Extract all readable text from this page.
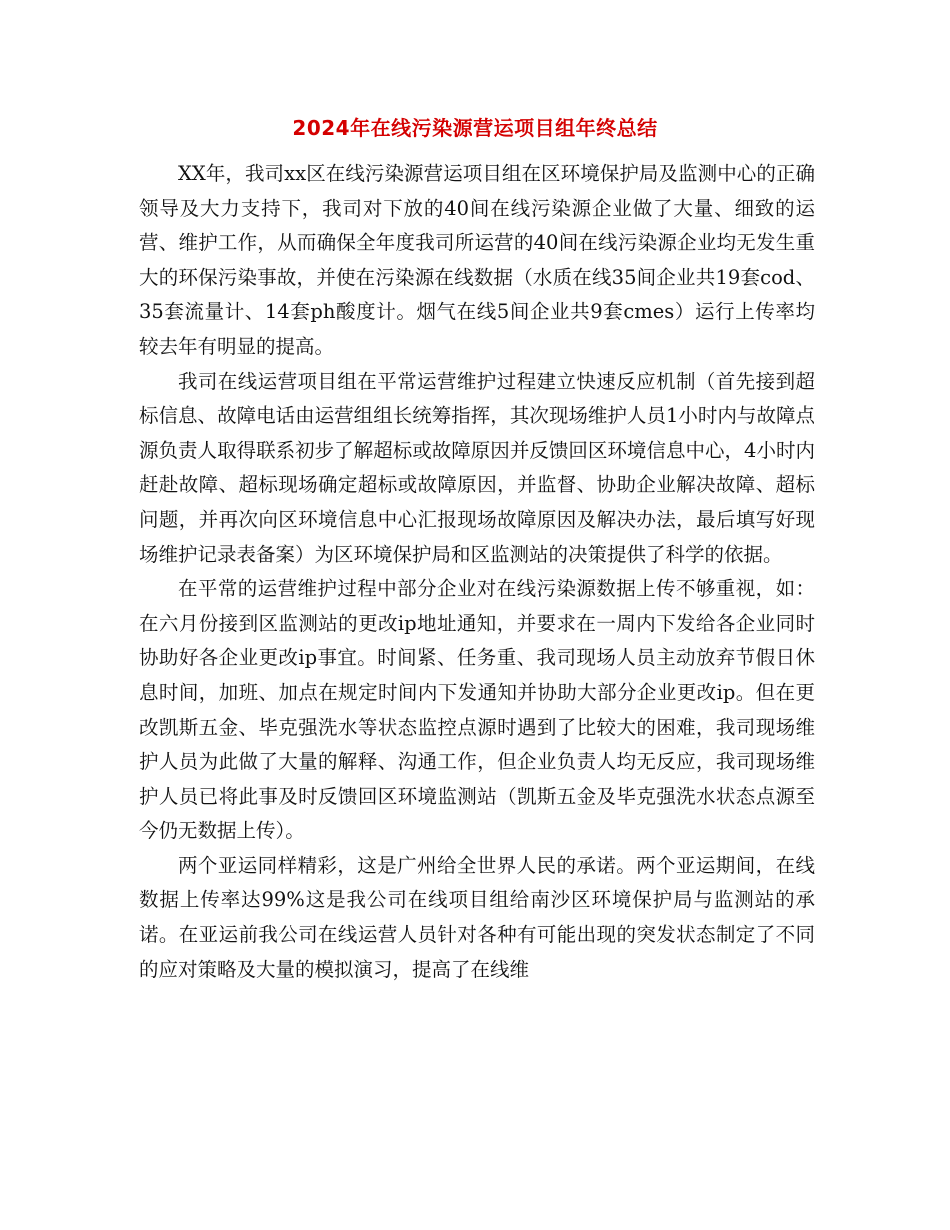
2024年在线污染源营运项目组年终总结

XX年，我司xx区在线污染源营运项目组在区环境保护局及监测中心的正确领导及大力支持下，我司对下放的40间在线污染源企业做了大量、细致的运营、维护工作，从而确保全年度我司所运营的40间在线污染源企业均无发生重大的环保污染事故，并使在污染源在线数据（水质在线35间企业共19套cod、35套流量计、14套ph酸度计。烟气在线5间企业共9套cmes）运行上传率均较去年有明显的提高。

我司在线运营项目组在平常运营维护过程建立快速反应机制（首先接到超标信息、故障电话由运营组组长统筹指挥，其次现场维护人员1小时内与故障点源负责人取得联系初步了解超标或故障原因并反馈回区环境信息中心，4小时内赶赴故障、超标现场确定超标或故障原因，并监督、协助企业解决故障、超标问题，并再次向区环境信息中心汇报现场故障原因及解决办法，最后填写好现场维护记录表备案）为区环境保护局和区监测站的决策提供了科学的依据。

在平常的运营维护过程中部分企业对在线污染源数据上传不够重视，如：在六月份接到区监测站的更改ip地址通知，并要求在一周内下发给各企业同时协助好各企业更改ip事宜。时间紧、任务重、我司现场人员主动放弃节假日休息时间，加班、加点在规定时间内下发通知并协助大部分企业更改ip。但在更改凯斯五金、毕克强洗水等状态监控点源时遇到了比较大的困难，我司现场维护人员为此做了大量的解释、沟通工作，但企业负责人均无反应，我司现场维护人员已将此事及时反馈回区环境监测站（凯斯五金及毕克强洗水状态点源至今仍无数据上传）。

两个亚运同样精彩，这是广州给全世界人民的承诺。两个亚运期间，在线数据上传率达99%这是我公司在线项目组给南沙区环境保护局与监测站的承诺。在亚运前我公司在线运营人员针对各种有可能出现的突发状态制定了不同的应对策略及大量的模拟演习，提高了在线维
